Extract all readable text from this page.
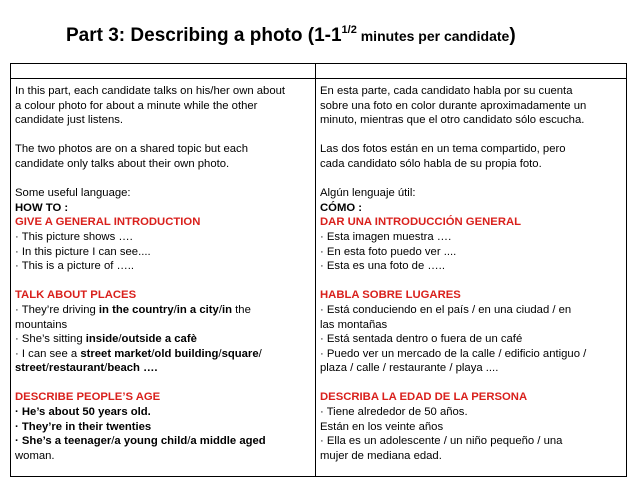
Part 3: Describing a photo ($1-1^{1/2}$ minutes per candidate)

In this part, each candidate talks on his/her own about

a colour photo for about a minute while the other

candidate just listens.

The two photos are on a shared topic but each

candidate only talks about their own photo.

Some useful language:

HOW TO :

GIVE A GENERAL INTRODUCTION

· This picture shows ….

· In this picture I can see....

· This is a picture of …..

TALK ABOUT PLACES

· They’re driving in the country/in a city/in the

mountains

· She’s sitting inside/outside a cafè

· I can see a street market/old building/square/

street/restaurant/beach ….

DESCRIBE PEOPLE’S AGE

· He’s about 50 years old.

· They’re in their twenties

· She’s a teenager/a young child/a middle aged

woman.

En esta parte, cada candidato habla por su cuenta

sobre una foto en color durante aproximadamente un

minuto, mientras que el otro candidato sólo escucha.

Las dos fotos están en un tema compartido, pero

cada candidato sólo habla de su propia foto.

Algún lenguaje útil:

CÓMO :

DAR UNA INTRODUCCIÓN GENERAL

· Esta imagen muestra ….

· En esta foto puedo ver ....

· Esta es una foto de …..

HABLA SOBRE LUGARES

· Está conduciendo en el país / en una ciudad / en

las montañas

· Está sentada dentro o fuera de un café

· Puedo ver un mercado de la calle / edificio antiguo /

plaza / calle / restaurante / playa ....

DESCRIBA LA EDAD DE LA PERSONA

· Tiene alrededor de 50 años.

Están en los veinte años

· Ella es un adolescente / un niño pequeño / una

mujer de mediana edad.
